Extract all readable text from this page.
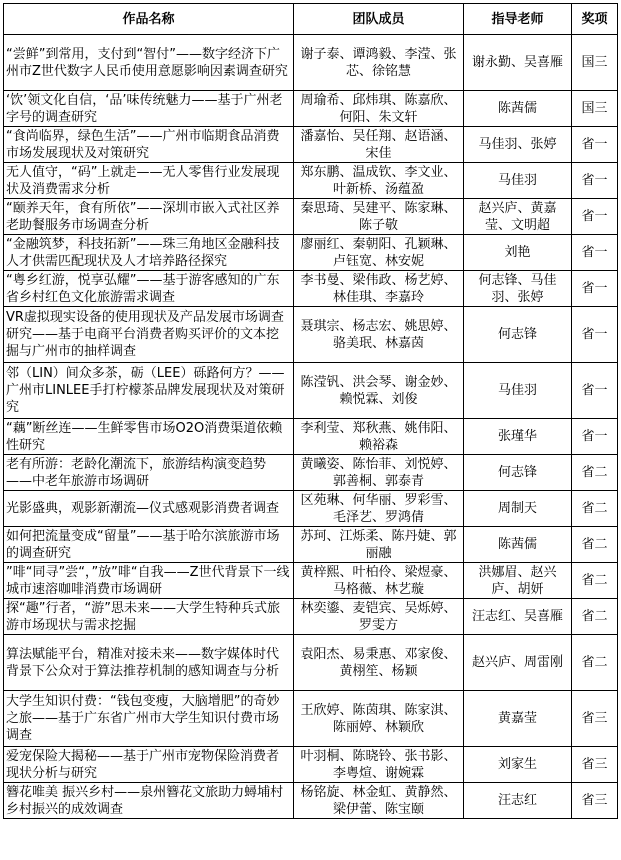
作品名称	团队成员	指导老师	奖项
“尝鲜”到常用，支付到“智付”——数字经济下广州市Z世代数字人民币使用意愿影响因素调查研究	谢子泰、谭鸿毅、李滢、张芯、徐铭慧	谢永勤、吴喜雁	国三
‘饮’领文化自信，‘品’味传统魅力——基于广州老字号的调查研究	周瑜希、邱炜琪、陈嘉欣、何阳、朱文轩	陈茜儒	国三
“食尚临界，绿色生活”——广州市临期食品消费市场发展现状及对策研究	潘嘉怡、吴任翔、赵语涵、宋佳	马佳羽、张婷	省一
无人值守，“码”上就走——无人零售行业发展现状及消费需求分析	郑东鹏、温成钦、李文业、叶新桥、汤蕴盈	马佳羽	省一
“颐养天年，食有所依”——深圳市嵌入式社区养老助餐服务市场调查分析	秦思琦、吴建平、陈家琳、陈子敬	赵兴庐、黄嘉莹、文明超	省一
“金融筑梦，科技拓新”——珠三角地区金融科技人才供需匹配现状及人才培养路径探究	廖丽红、秦朝阳、孔颖琳、卢钰宽、林安妮	刘艳	省一
“粤乡红游，悦享弘耀”——基于游客感知的广东省乡村红色文化旅游需求调查	李书曼、梁伟政、杨艺婷、林佳琪、李嘉玲	何志锋、马佳羽、张婷	省一
VR虚拟现实设备的使用现状及产品发展市场调查研究——基于电商平台消费者购买评价的文本挖掘与广州市的抽样调查	聂琪宗、杨志宏、姚思婷、骆美珉、林嘉茵	何志锋	省一
邻（LIN）间众多茶，砺（LEE）砾路何方？——广州市LINLEE手打柠檬茶品牌发展现状及对策研究	陈滢钒、洪会琴、谢金妙、赖悦霖、刘俊	马佳羽	省一
“藕”断丝连——生鲜零售市场O2O消费渠道依赖性研究	李利莹、郑秋燕、姚伟阳、赖裕森	张瑾华	省一
老有所游：老龄化潮流下，旅游结构演变趋势——中老年旅游市场调研	黄曦姿、陈怡菲、刘悦婷、郭善桐、郭泰青	何志锋	省二
光影盛典，观影新潮流—仪式感观影消费者调查	区苑琳、何华丽、罗彩雪、毛泽艺、罗鸿倩	周制天	省二
如何把流量变成“留量”——基于哈尔滨旅游市场的调查研究	苏珂、江烁柔、陈丹婕、郭丽融	陈茜儒	省二
”啡“同寻”尝“，”放”啡“自我——Z世代背景下一线城市速溶咖啡消费市场调研	黄梓熙、叶柏伶、梁煜豪、马格薇、林艺璇	洪娜眉、赵兴庐、胡妍	省二
探“趣”行者，“游”思未来——大学生特种兵式旅游市场现状与需求挖掘	林奕鎏、麦铠宾、吴烁婷、罗雯方	汪志红、吴喜雁	省二
算法赋能平台，精准对接未来——数字媒体时代背景下公众对于算法推荐机制的感知调查与分析	袁阳杰、易秉惠、邓家俊、黄栩笙、杨颖	赵兴庐、周雷刚	省二
大学生知识付费：“钱包变瘦，大脑增肥”的奇妙之旅——基于广东省广州市大学生知识付费市场调查	王欣婷、陈茵琪、陈家淇、陈丽婷、林颖欣	黄嘉莹	省三
爱宠保险大揭秘——基于广州市宠物保险消费者现状分析与研究	叶羽桐、陈晓铃、张书影、李粤煊、谢婉霖	刘家生	省三
簪花唯美 振兴乡村——泉州簪花文旅助力蟳埔村乡村振兴的成效调查	杨铭旋、林金虹、黄静然、梁伊蕾、陈宝颐	汪志红	省三
